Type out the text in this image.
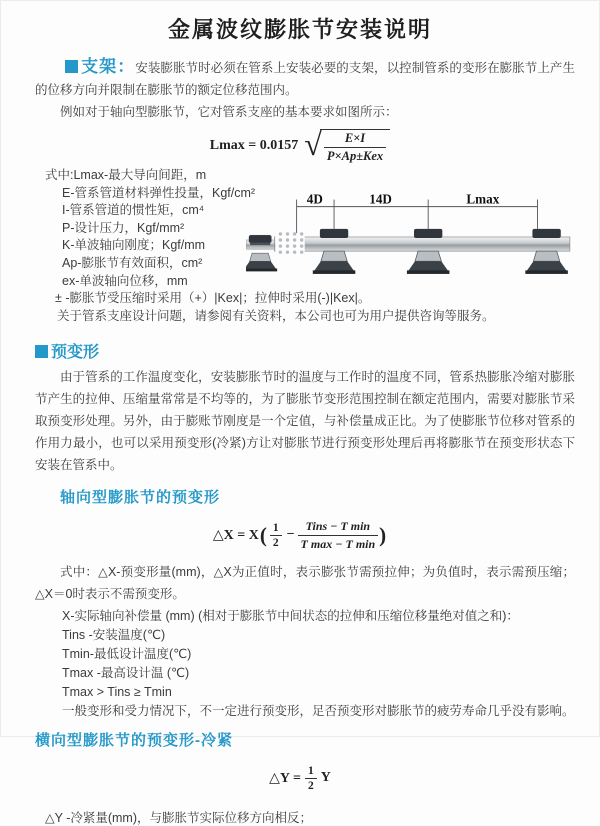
金属波纹膨胀节安装说明

支架：安装膨胀节时必须在管系上安装必要的支架，以控制管系的变形在膨胀节上产生的位移方向并限制在膨胀节的额定位移范围内。

例如对于轴向型膨胀节，它对管系支座的基本要求如图所示：

Lmax = 0.0157 √ $\frac{E\times I}{\text{P×Ap±Kex}}$
式中:Lmax-最大导向间距，m
E-管系管道材料弹性投量，Kgf/cm²
I-管系管道的惯性矩，cm⁴
P-设计压力，Kgf/mm²
K-单波轴向刚度；Kgf/mm
Ap-膨胀节有效面积，cm²
ex-单波轴向位移，mm
± -膨胀节受压缩时采用（+）|Kex|；拉伸时采用(-)|Kex|。
关于管系支座设计问题，请参阅有关资料，本公司也可为用户提供咨询等服务。
4D	14D	Lmax
预变形

由于管系的工作温度变化，安装膨胀节时的温度与工作时的温度不同，管系热膨胀冷缩对膨胀节产生的拉伸、压缩量常常是不均等的，为了膨胀节变形范围控制在额定范围内，需要对膨胀节采取预变形处理。另外，由于膨账节刚度是一个定值，与补偿量成正比。为了使膨胀节位移对管系的作用力最小，也可以采用预变形(冷紧)方让对膨胀节进行预变形处理后再将膨胀节在预变形状态下安装在管系中。

轴向型膨胀节的预变形
△X = X ( $\frac{1}{2} - \frac{\text{Tins − T min}}{\text{T max − T min}}$ )

式中：△X-预变形量(mm)，△X为正值时，表示膨张节需预拉伸；为负值时，表示需预压缩；△X＝0时表示不需预变形。

X-实际轴向补偿量 (mm) (相对于膨胀节中间状态的拉伸和压缩位移量绝对值之和)：
Tins -安装温度(℃)
Tmin-最低设计温度(℃)
Tmax -最高设计温 (℃)
Tmax > Tins ≥ Tmin
一般变形和受力情况下，不一定进行预变形，足否预变形对膨胀节的疲劳寿命几乎没有影响。
横向型膨胀节的预变形-冷紧
△Y = $\frac{1}{2}$ Y
△Y -冷紧量(mm)，与膨胀节实际位移方向相反；
